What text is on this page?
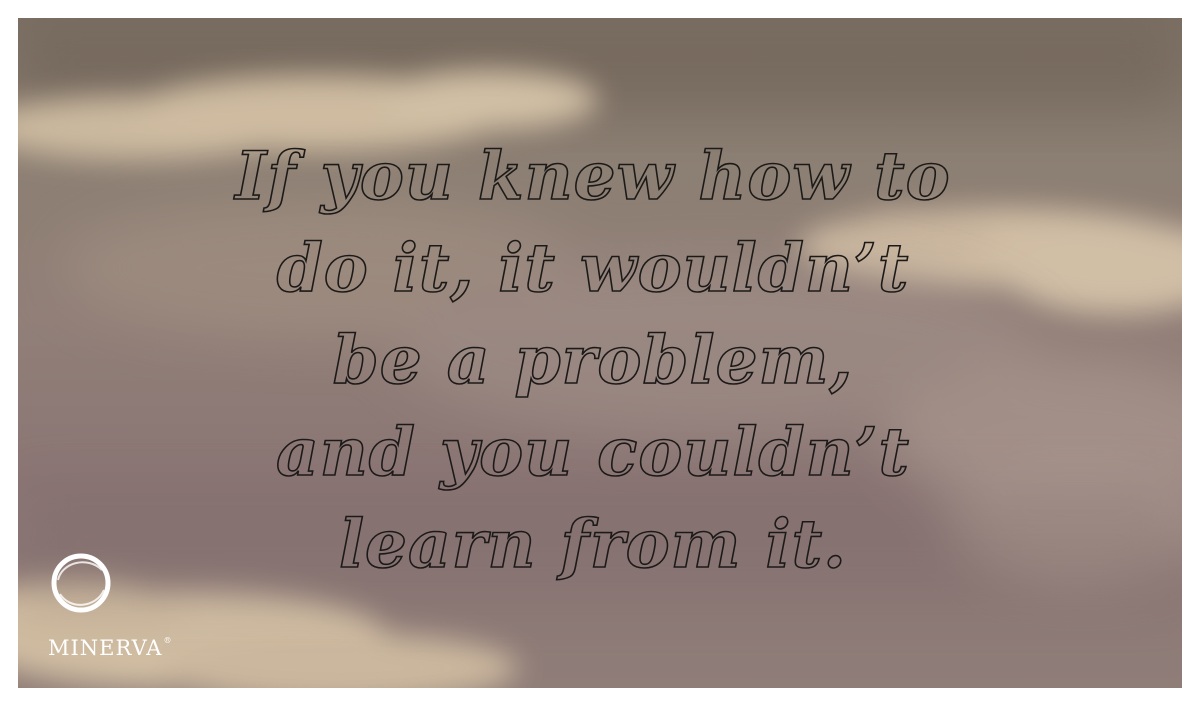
If you knew how to
do it, it wouldn’t
be a problem,
and you couldn’t
learn from it.
MINERVA®
